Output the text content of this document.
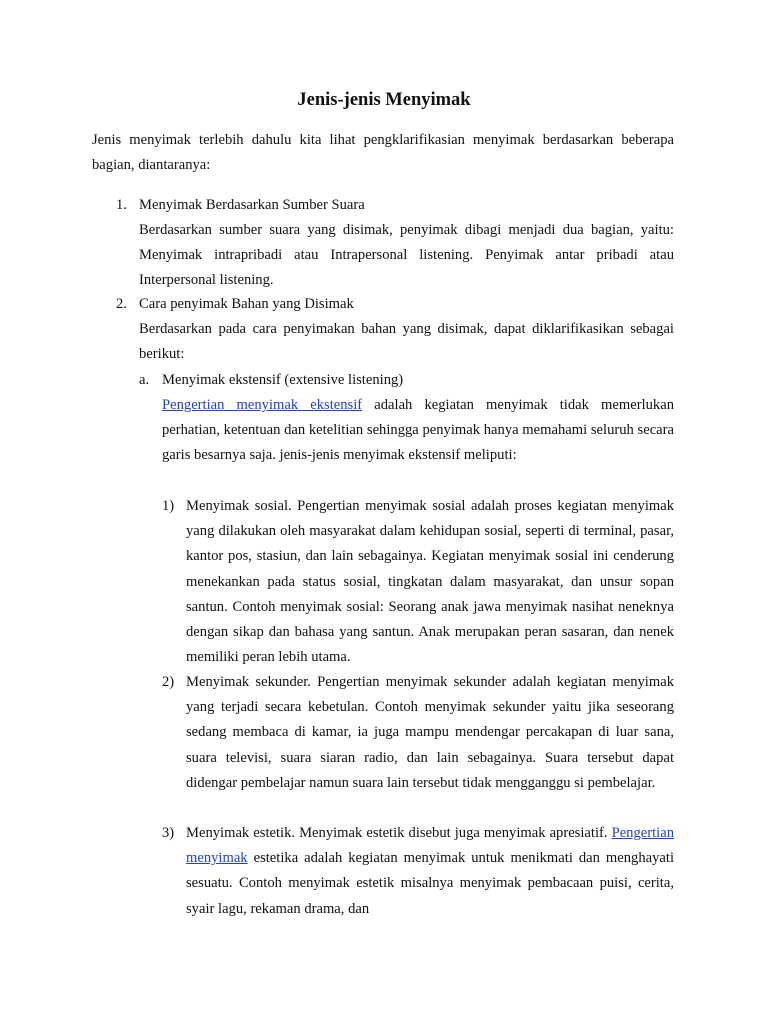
Jenis-jenis Menyimak
Jenis menyimak terlebih dahulu kita lihat pengklarifikasian menyimak berdasarkan beberapa bagian, diantaranya:
1. Menyimak Berdasarkan Sumber Suara
Berdasarkan sumber suara yang disimak, penyimak dibagi menjadi dua bagian, yaitu: Menyimak intrapribadi atau Intrapersonal listening. Penyimak antar pribadi atau Interpersonal listening.
2. Cara penyimak Bahan yang Disimak
Berdasarkan pada cara penyimakan bahan yang disimak, dapat diklarifikasikan sebagai berikut:
a. Menyimak ekstensif (extensive listening)
Pengertian menyimak ekstensif adalah kegiatan menyimak tidak memerlukan perhatian, ketentuan dan ketelitian sehingga penyimak hanya memahami seluruh secara garis besarnya saja. jenis-jenis menyimak ekstensif meliputi:
1) Menyimak sosial. Pengertian menyimak sosial adalah proses kegiatan menyimak yang dilakukan oleh masyarakat dalam kehidupan sosial, seperti di terminal, pasar, kantor pos, stasiun, dan lain sebagainya. Kegiatan menyimak sosial ini cenderung menekankan pada status sosial, tingkatan dalam masyarakat, dan unsur sopan santun. Contoh menyimak sosial: Seorang anak jawa menyimak nasihat neneknya dengan sikap dan bahasa yang santun. Anak merupakan peran sasaran, dan nenek memiliki peran lebih utama.
2) Menyimak sekunder. Pengertian menyimak sekunder adalah kegiatan menyimak yang terjadi secara kebetulan. Contoh menyimak sekunder yaitu jika seseorang sedang membaca di kamar, ia juga mampu mendengar percakapan di luar sana, suara televisi, suara siaran radio, dan lain sebagainya. Suara tersebut dapat didengar pembelajar namun suara lain tersebut tidak mengganggu si pembelajar.
3) Menyimak estetik. Menyimak estetik disebut juga menyimak apresiatif. Pengertian menyimak estetika adalah kegiatan menyimak untuk menikmati dan menghayati sesuatu. Contoh menyimak estetik misalnya menyimak pembacaan puisi, cerita, syair lagu, rekaman drama, dan
